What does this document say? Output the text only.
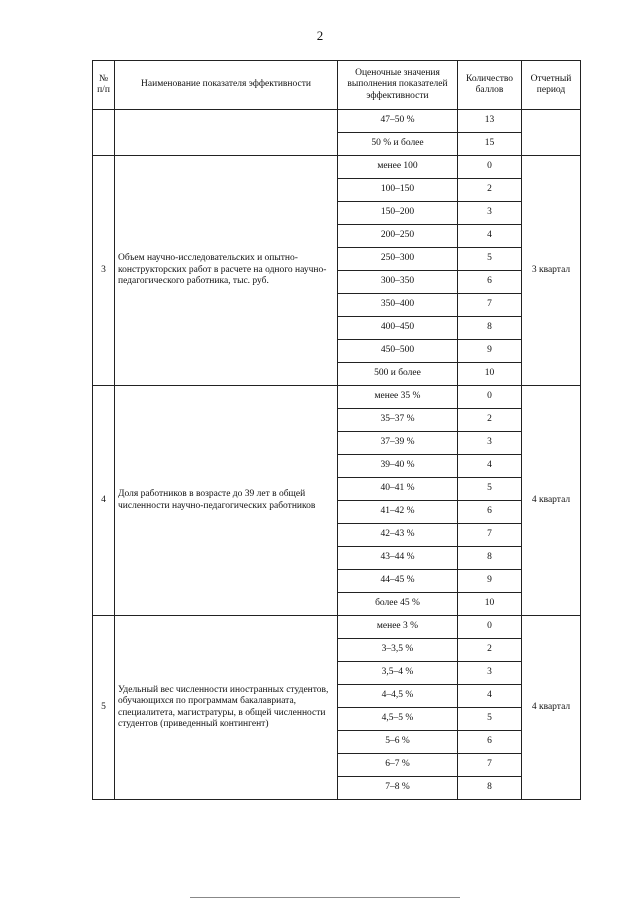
2
№ п/п	Наименование показателя эффективности	Оценочные значения выполнения показателей эффективности	Количество баллов	Отчетный период
		47–50 %	13	
		50 % и более	15	
3	Объем научно-исследовательских и опытно-конструкторских работ в расчете на одного научно-педагогического работника, тыс. руб.	менее 100	0	3 квартал
		100–150	2	
		150–200	3	
		200–250	4	
		250–300	5	
		300–350	6	
		350–400	7	
		400–450	8	
		450–500	9	
		500 и более	10	
4	Доля работников в возрасте до 39 лет в общей численности научно-педагогических работников	менее 35 %	0	4 квартал
		35–37 %	2	
		37–39 %	3	
		39–40 %	4	
		40–41 %	5	
		41–42 %	6	
		42–43 %	7	
		43–44 %	8	
		44–45 %	9	
		более 45 %	10	
5	Удельный вес численности иностранных студентов, обучающихся по программам бакалавриата, специалитета, магистратуры, в общей численности студентов (приведенный контингент)	менее 3 %	0	4 квартал
		3–3,5 %	2	
		3,5–4 %	3	
		4–4,5 %	4	
		4,5–5 %	5	
		5–6 %	6	
		6–7 %	7	
		7–8 %	8	
